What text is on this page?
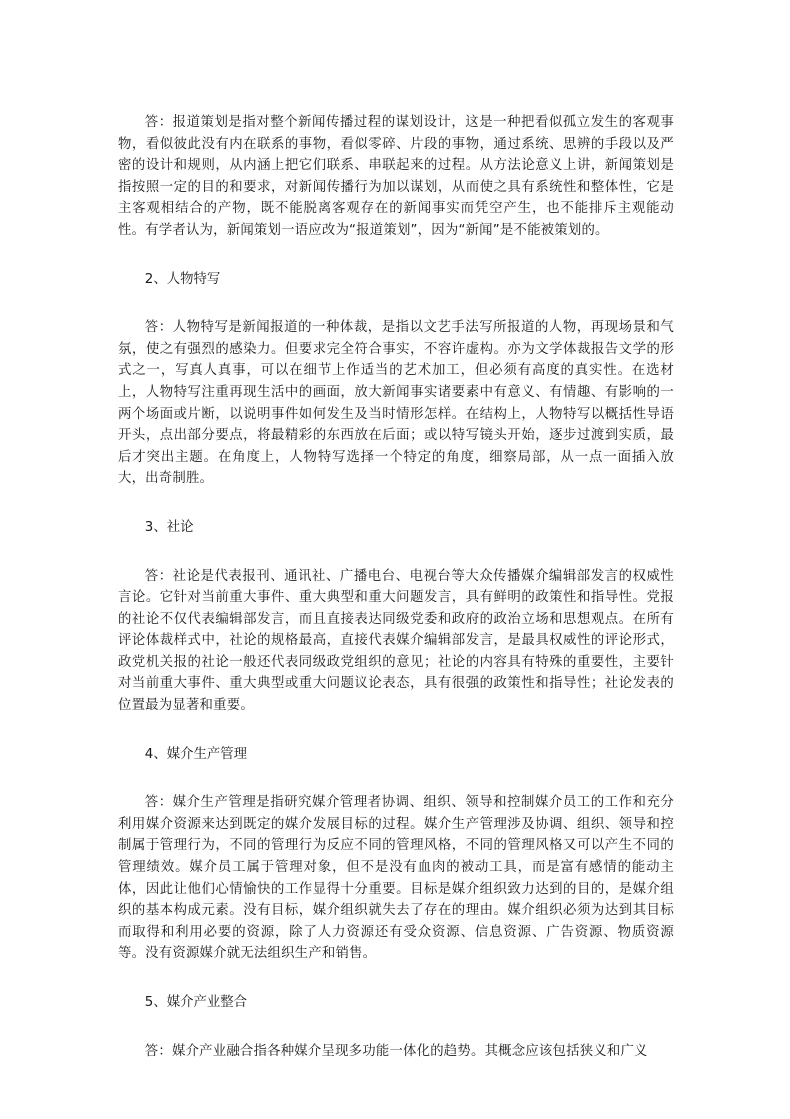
答：报道策划是指对整个新闻传播过程的谋划设计，这是一种把看似孤立发生的客观事物，看似彼此没有内在联系的事物，看似零碎、片段的事物，通过系统、思辨的手段以及严密的设计和规则，从内涵上把它们联系、串联起来的过程。从方法论意义上讲，新闻策划是指按照一定的目的和要求，对新闻传播行为加以谋划，从而使之具有系统性和整体性，它是主客观相结合的产物，既不能脱离客观存在的新闻事实而凭空产生，也不能排斥主观能动性。有学者认为，新闻策划一语应改为“报道策划”，因为“新闻”是不能被策划的。

2、人物特写

答：人物特写是新闻报道的一种体裁，是指以文艺手法写所报道的人物，再现场景和气氛，使之有强烈的感染力。但要求完全符合事实，不容许虚构。亦为文学体裁报告文学的形式之一，写真人真事，可以在细节上作适当的艺术加工，但必须有高度的真实性。在选材上，人物特写注重再现生活中的画面，放大新闻事实诸要素中有意义、有情趣、有影响的一两个场面或片断，以说明事件如何发生及当时情形怎样。在结构上，人物特写以概括性导语开头，点出部分要点，将最精彩的东西放在后面；或以特写镜头开始，逐步过渡到实质，最后才突出主题。在角度上，人物特写选择一个特定的角度，细察局部，从一点一面插入放大，出奇制胜。

3、社论

答：社论是代表报刊、通讯社、广播电台、电视台等大众传播媒介编辑部发言的权威性言论。它针对当前重大事件、重大典型和重大问题发言，具有鲜明的政策性和指导性。党报的社论不仅代表编辑部发言，而且直接表达同级党委和政府的政治立场和思想观点。在所有评论体裁样式中，社论的规格最高，直接代表媒介编辑部发言，是最具权威性的评论形式，政党机关报的社论一般还代表同级政党组织的意见；社论的内容具有特殊的重要性，主要针对当前重大事件、重大典型或重大问题议论表态，具有很强的政策性和指导性；社论发表的位置最为显著和重要。

4、媒介生产管理

答：媒介生产管理是指研究媒介管理者协调、组织、领导和控制媒介员工的工作和充分利用媒介资源来达到既定的媒介发展目标的过程。媒介生产管理涉及协调、组织、领导和控制属于管理行为，不同的管理行为反应不同的管理风格，不同的管理风格又可以产生不同的管理绩效。媒介员工属于管理对象，但不是没有血肉的被动工具，而是富有感情的能动主体，因此让他们心情愉快的工作显得十分重要。目标是媒介组织致力达到的目的，是媒介组织的基本构成元素。没有目标，媒介组织就失去了存在的理由。媒介组织必须为达到其目标而取得和利用必要的资源，除了人力资源还有受众资源、信息资源、广告资源、物质资源等。没有资源媒介就无法组织生产和销售。

5、媒介产业整合

答：媒介产业融合指各种媒介呈现多功能一体化的趋势。其概念应该包括狭义和广义
